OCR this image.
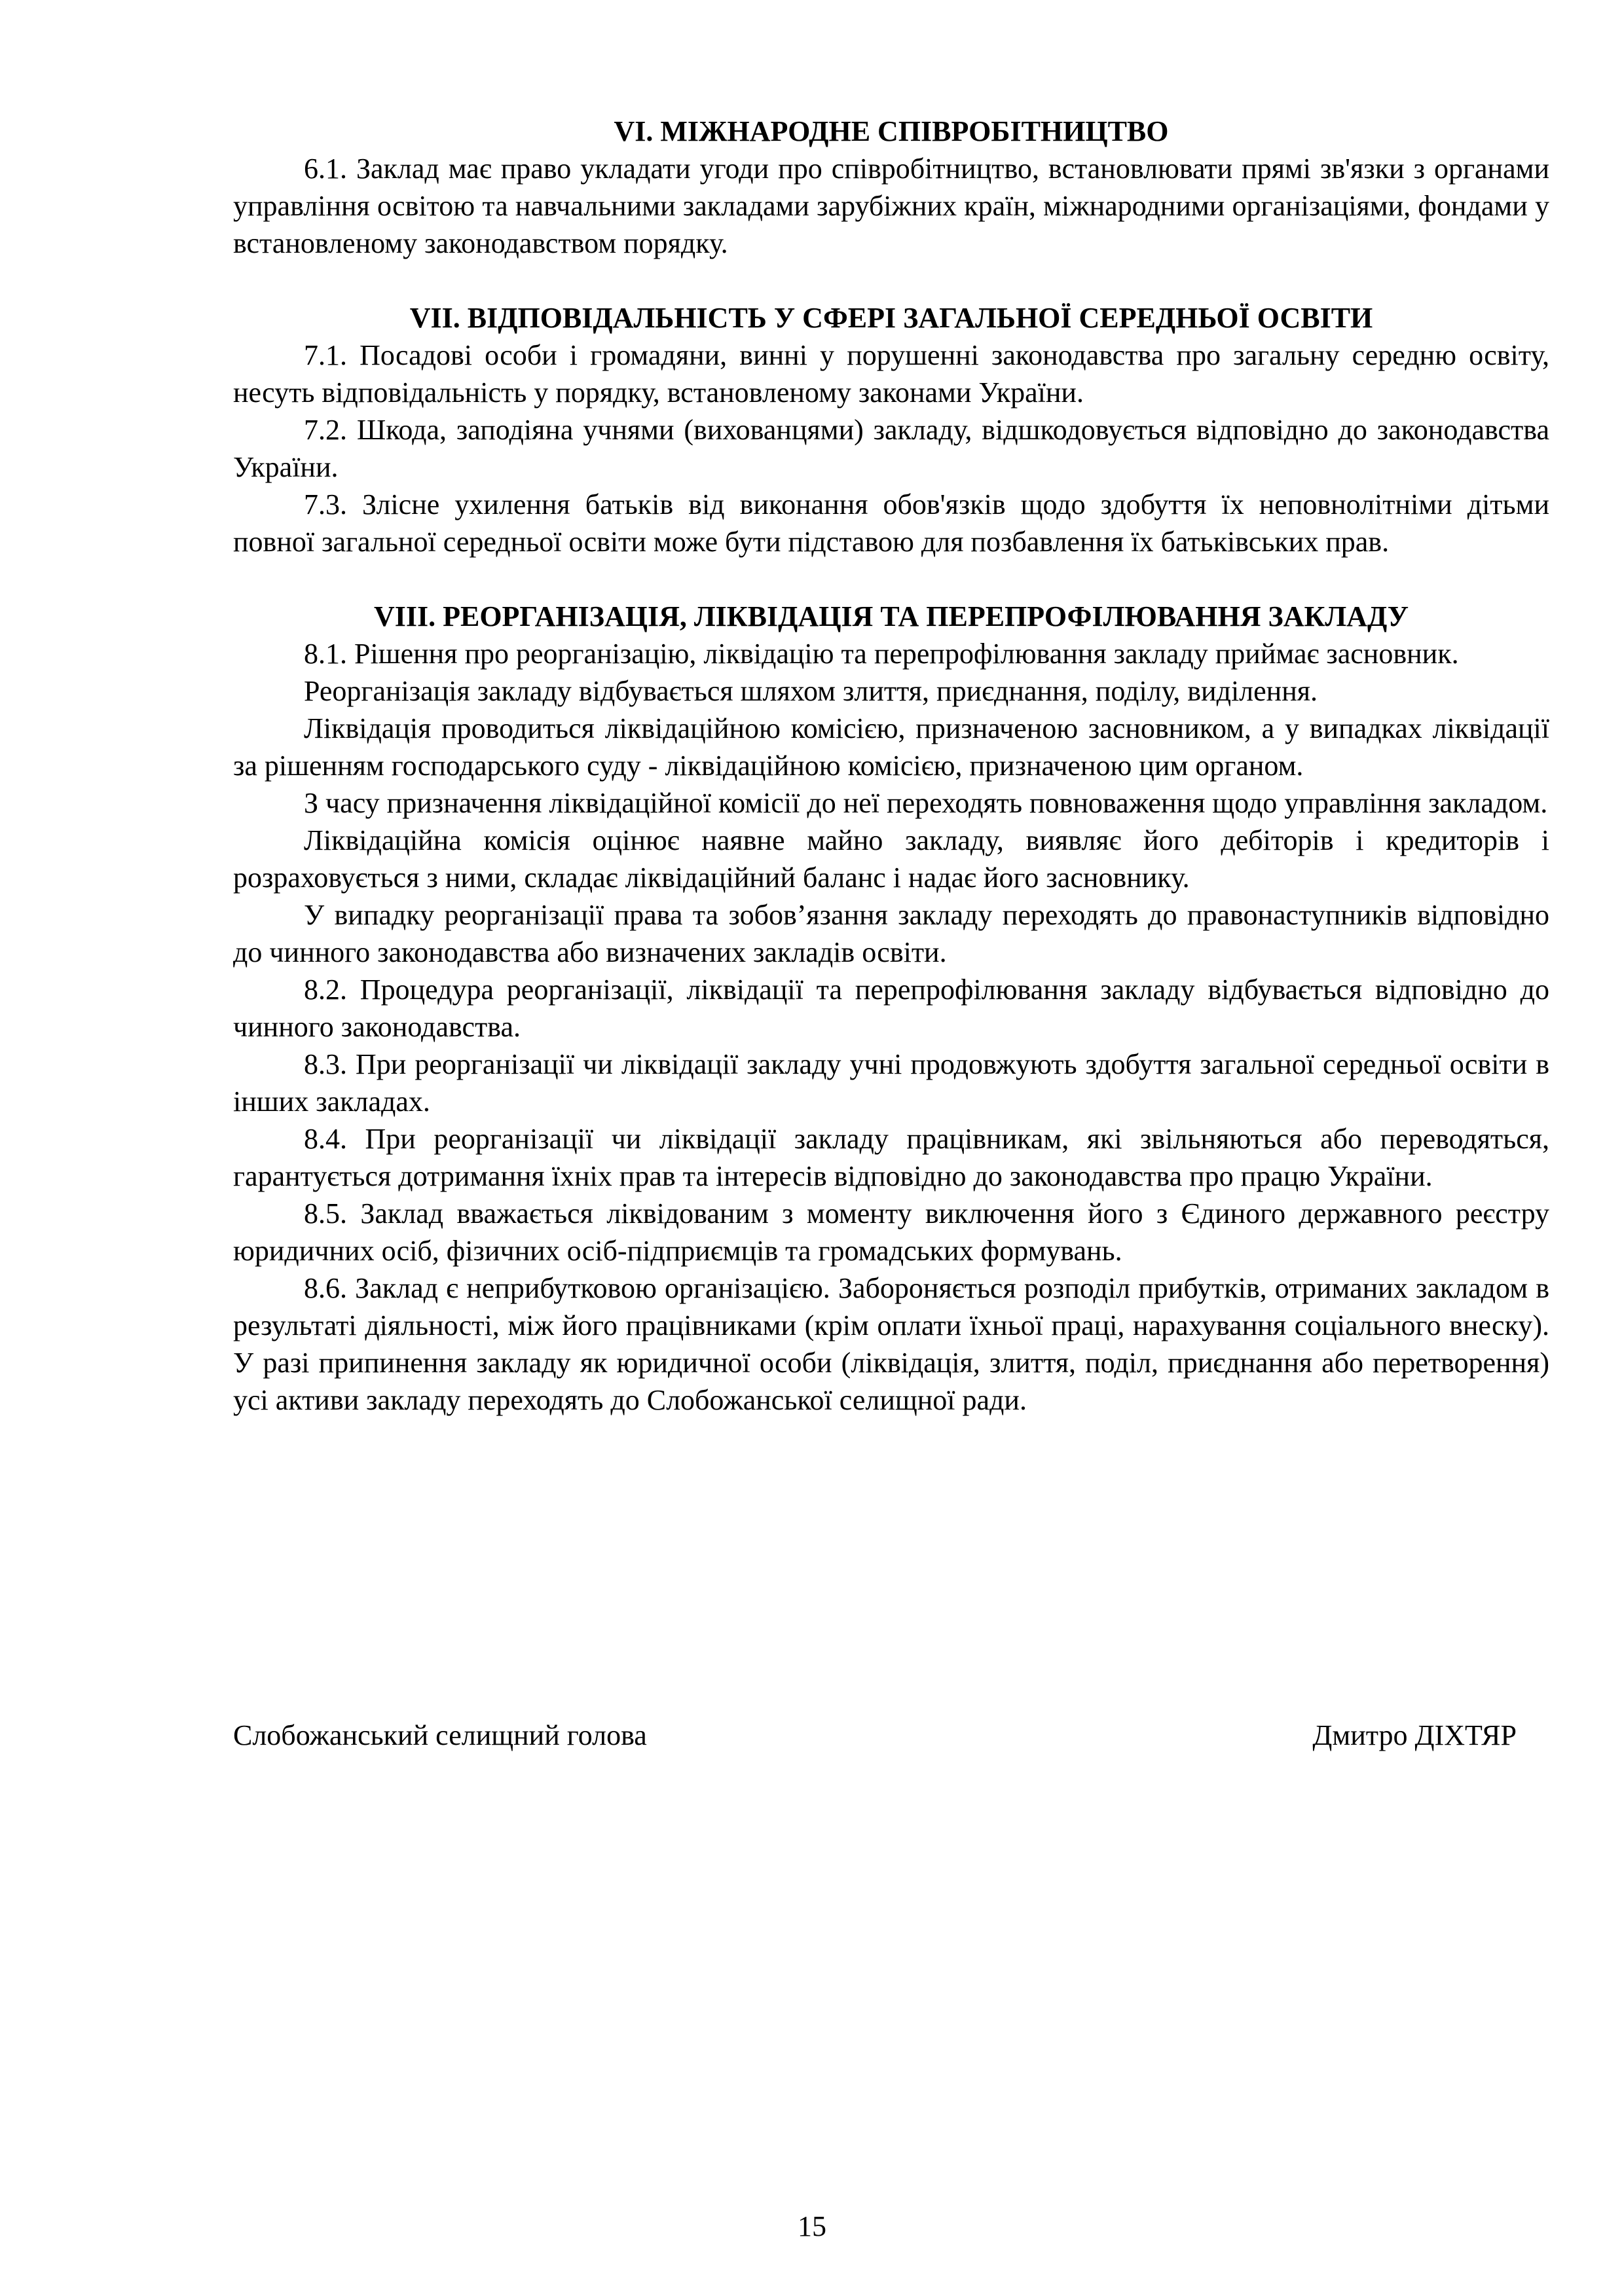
VI. МІЖНАРОДНЕ СПІВРОБІТНИЦТВО

6.1. Заклад має право укладати угоди про співробітництво, встановлювати прямі зв'язки з органами управління освітою та навчальними закладами зарубіжних країн, міжнародними організаціями, фондами у встановленому законодавством порядку.

VII. ВІДПОВІДАЛЬНІСТЬ У СФЕРІ ЗАГАЛЬНОЇ СЕРЕДНЬОЇ ОСВІТИ

7.1. Посадові особи і громадяни, винні у порушенні законодавства про загальну середню освіту, несуть відповідальність у порядку, встановленому законами України.

7.2. Шкода, заподіяна учнями (вихованцями) закладу, відшкодовується відповідно до законодавства України.

7.3. Злісне ухилення батьків від виконання обов'язків щодо здобуття їх неповнолітніми дітьми повної загальної середньої освіти може бути підставою для позбавлення їх батьківських прав.

VIII. РЕОРГАНІЗАЦІЯ, ЛІКВІДАЦІЯ ТА ПЕРЕПРОФІЛЮВАННЯ ЗАКЛАДУ

8.1. Рішення про реорганізацію, ліквідацію та перепрофілювання закладу приймає засновник.

Реорганізація закладу відбувається шляхом злиття, приєднання, поділу, виділення.

Ліквідація проводиться ліквідаційною комісією, призначеною засновником, а у випадках ліквідації за рішенням господарського суду - ліквідаційною комісією, призначеною цим органом.

З часу призначення ліквідаційної комісії до неї переходять повноваження щодо управління закладом.

Ліквідаційна комісія оцінює наявне майно закладу, виявляє його дебіторів і кредиторів і розраховується з ними, складає ліквідаційний баланс і надає його засновнику.

У випадку реорганізації права та зобов’язання закладу переходять до правонаступників відповідно до чинного законодавства або визначених закладів освіти.

8.2. Процедура реорганізації, ліквідації та перепрофілювання закладу відбувається відповідно до чинного законодавства.

8.3. При реорганізації чи ліквідації закладу учні продовжують здобуття загальної середньої освіти в інших закладах.

8.4. При реорганізації чи ліквідації закладу працівникам, які звільняються або переводяться, гарантується дотримання їхніх прав та інтересів відповідно до законодавства про працю України.

8.5. Заклад вважається ліквідованим з моменту виключення його з Єдиного державного реєстру юридичних осіб, фізичних осіб-підприємців та громадських формувань.

8.6. Заклад є неприбутковою організацією. Забороняється розподіл прибутків, отриманих закладом в результаті діяльності, між його працівниками (крім оплати їхньої праці, нарахування соціального внеску). У разі припинення закладу як юридичної особи (ліквідація, злиття, поділ, приєднання або перетворення) усі активи закладу переходять до Слобожанської селищної ради.

Слобожанський селищний голова	Дмитро ДІХТЯР
15
